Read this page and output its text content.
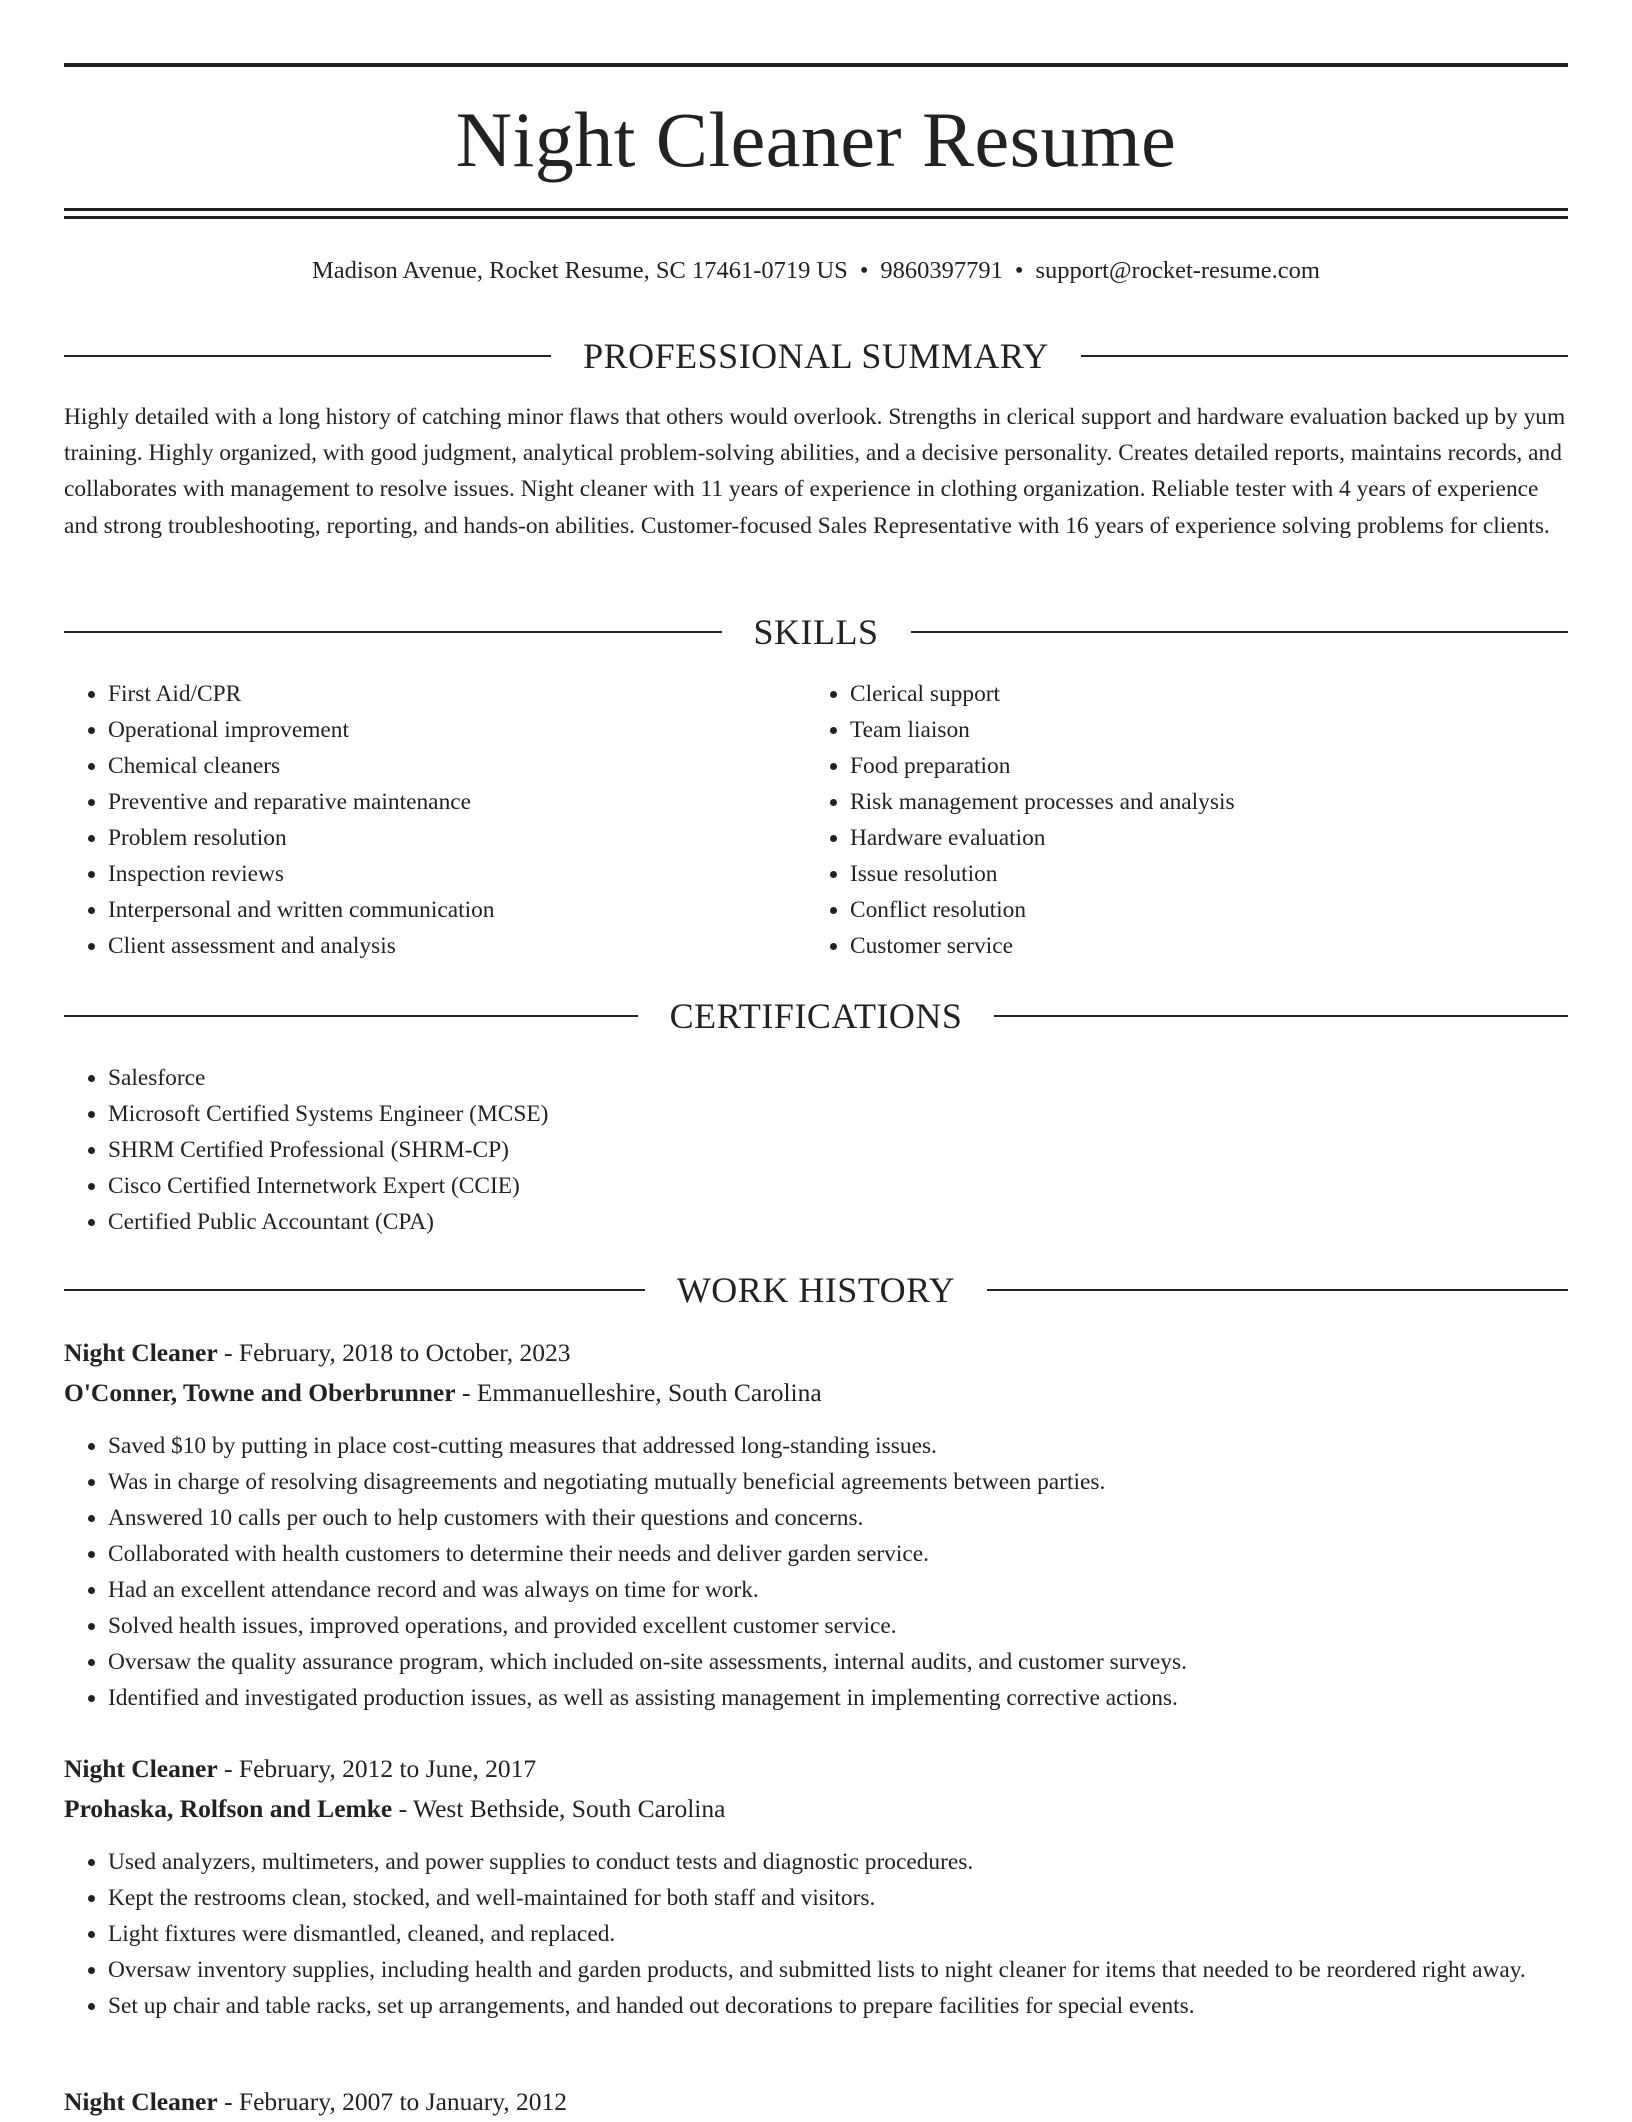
Night Cleaner Resume
Madison Avenue, Rocket Resume, SC 17461-0719 US • 9860397791 • support@rocket-resume.com
PROFESSIONAL SUMMARY

Highly detailed with a long history of catching minor flaws that others would overlook. Strengths in clerical support and hardware evaluation backed up by yum training. Highly organized, with good judgment, analytical problem-solving abilities, and a decisive personality. Creates detailed reports, maintains records, and collaborates with management to resolve issues. Night cleaner with 11 years of experience in clothing organization. Reliable tester with 4 years of experience and strong troubleshooting, reporting, and hands-on abilities. Customer-focused Sales Representative with 16 years of experience solving problems for clients.

SKILLS
• First Aid/CPR
• Operational improvement
• Chemical cleaners
• Preventive and reparative maintenance
• Problem resolution
• Inspection reviews
• Interpersonal and written communication
• Client assessment and analysis
• Clerical support
• Team liaison
• Food preparation
• Risk management processes and analysis
• Hardware evaluation
• Issue resolution
• Conflict resolution
• Customer service
CERTIFICATIONS
• Salesforce
• Microsoft Certified Systems Engineer (MCSE)
• SHRM Certified Professional (SHRM-CP)
• Cisco Certified Internetwork Expert (CCIE)
• Certified Public Accountant (CPA)
WORK HISTORY
Night Cleaner - February, 2018 to October, 2023
O'Conner, Towne and Oberbrunner - Emmanuelleshire, South Carolina
• Saved $10 by putting in place cost-cutting measures that addressed long-standing issues.
• Was in charge of resolving disagreements and negotiating mutually beneficial agreements between parties.
• Answered 10 calls per ouch to help customers with their questions and concerns.
• Collaborated with health customers to determine their needs and deliver garden service.
• Had an excellent attendance record and was always on time for work.
• Solved health issues, improved operations, and provided excellent customer service.
• Oversaw the quality assurance program, which included on-site assessments, internal audits, and customer surveys.
• Identified and investigated production issues, as well as assisting management in implementing corrective actions.
Night Cleaner - February, 2012 to June, 2017
Prohaska, Rolfson and Lemke - West Bethside, South Carolina
• Used analyzers, multimeters, and power supplies to conduct tests and diagnostic procedures.
• Kept the restrooms clean, stocked, and well-maintained for both staff and visitors.
• Light fixtures were dismantled, cleaned, and replaced.
• Oversaw inventory supplies, including health and garden products, and submitted lists to night cleaner for items that needed to be reordered right away.
• Set up chair and table racks, set up arrangements, and handed out decorations to prepare facilities for special events.
Night Cleaner - February, 2007 to January, 2012
